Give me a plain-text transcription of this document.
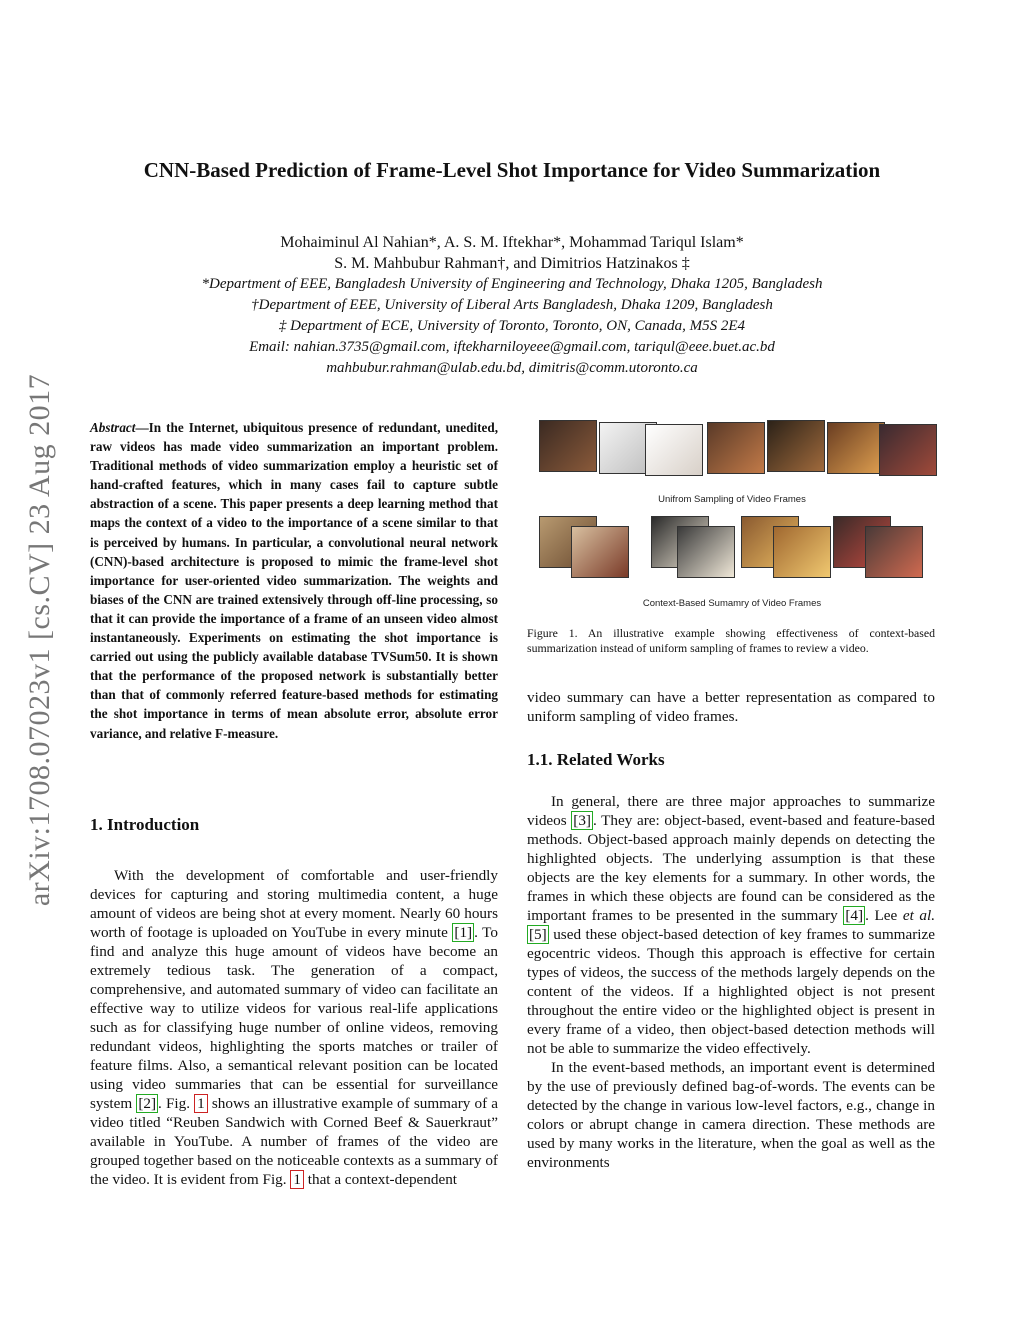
arXiv:1708.07023v1 [cs.CV] 23 Aug 2017
CNN-Based Prediction of Frame-Level Shot Importance for Video Summarization
Mohaiminul Al Nahian*, A. S. M. Iftekhar*, Mohammad Tariqul Islam*
S. M. Mahbubur Rahman†, and Dimitrios Hatzinakos ‡
*Department of EEE, Bangladesh University of Engineering and Technology, Dhaka 1205, Bangladesh
†Department of EEE, University of Liberal Arts Bangladesh, Dhaka 1209, Bangladesh
‡ Department of ECE, University of Toronto, Toronto, ON, Canada, M5S 2E4
Email: nahian.3735@gmail.com, iftekharniloyeee@gmail.com, tariqul@eee.buet.ac.bd
mahbubur.rahman@ulab.edu.bd, dimitris@comm.utoronto.ca
Abstract—In the Internet, ubiquitous presence of redundant, unedited, raw videos has made video summarization an important problem. Traditional methods of video summarization employ a heuristic set of hand-crafted features, which in many cases fail to capture subtle abstraction of a scene. This paper presents a deep learning method that maps the context of a video to the importance of a scene similar to that is perceived by humans. In particular, a convolutional neural network (CNN)-based architecture is proposed to mimic the frame-level shot importance for user-oriented video summarization. The weights and biases of the CNN are trained extensively through off-line processing, so that it can provide the importance of a frame of an unseen video almost instantaneously. Experiments on estimating the shot importance is carried out using the publicly available database TVSum50. It is shown that the performance of the proposed network is substantially better than that of commonly referred feature-based methods for estimating the shot importance in terms of mean absolute error, absolute error variance, and relative F-measure.
1. Introduction

With the development of comfortable and user-friendly devices for capturing and storing multimedia content, a huge amount of videos are being shot at every moment. Nearly 60 hours worth of footage is uploaded on YouTube in every minute [1] . To find and analyze this huge amount of videos have become an extremely tedious task. The generation of a compact, comprehensive, and automated summary of video can facilitate an effective way to utilize videos for various real-life applications such as for classifying huge number of online videos, removing redundant videos, highlighting the sports matches or trailer of feature films. Also, a semantical relevant position can be located using video summaries that can be essential for surveillance system [2] . Fig. 1 shows an illustrative example of summary of a video titled “Reuben Sandwich with Corned Beef & Sauerkraut” available in YouTube. A number of frames of the video are grouped together based on the noticeable contexts as a summary of the video. It is evident from Fig. 1 that a context-dependent

Unifrom Sampling of Video Frames
Context-Based Sumamry of Video Frames
Figure 1. An illustrative example showing effectiveness of context-based summarization instead of uniform sampling of frames to review a video.

video summary can have a better representation as compared to uniform sampling of video frames.

1.1. Related Works

In general, there are three major approaches to summarize videos [3] . They are: object-based, event-based and feature-based methods. Object-based approach mainly depends on detecting the highlighted objects. The underlying assumption is that these objects are the key elements for a summary. In other words, the frames in which these objects are found can be considered as the important frames to be presented in the summary [4] . Lee et al. [5] used these object-based detection of key frames to summarize egocentric videos. Though this approach is effective for certain types of videos, the success of the methods largely depends on the content of the videos. If a highlighted object is not present throughout the entire video or the highlighted object is present in every frame of a video, then object-based detection methods will not be able to summarize the video effectively.

In the event-based methods, an important event is determined by the use of previously defined bag-of-words. The events can be detected by the change in various low-level factors, e.g., change in colors or abrupt change in camera direction. These methods are used by many works in the literature, when the goal as well as the environments
